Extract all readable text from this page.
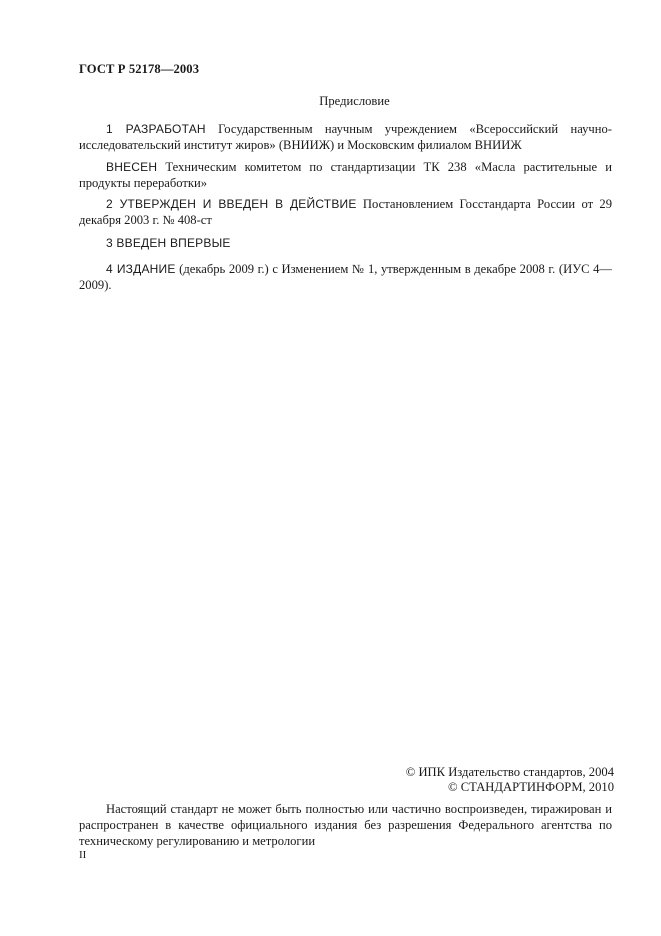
ГОСТ Р 52178—2003
Предисловие
1 РАЗРАБОТАН Государственным научным учреждением «Всероссийский научно-исследовательский институт жиров» (ВНИИЖ) и Московским филиалом ВНИИЖ
ВНЕСЕН Техническим комитетом по стандартизации ТК 238 «Масла растительные и продукты переработки»
2 УТВЕРЖДЕН И ВВЕДЕН В ДЕЙСТВИЕ Постановлением Госстандарта России от 29 декабря 2003 г. № 408-ст
3 ВВЕДЕН ВПЕРВЫЕ
4 ИЗДАНИЕ (декабрь 2009 г.) с Изменением № 1, утвержденным в декабре 2008 г. (ИУС 4—2009).
© ИПК Издательство стандартов, 2004
© СТАНДАРТИНФОРМ, 2010
Настоящий стандарт не может быть полностью или частично воспроизведен, тиражирован и распространен в качестве официального издания без разрешения Федерального агентства по техническому регулированию и метрологии
II
